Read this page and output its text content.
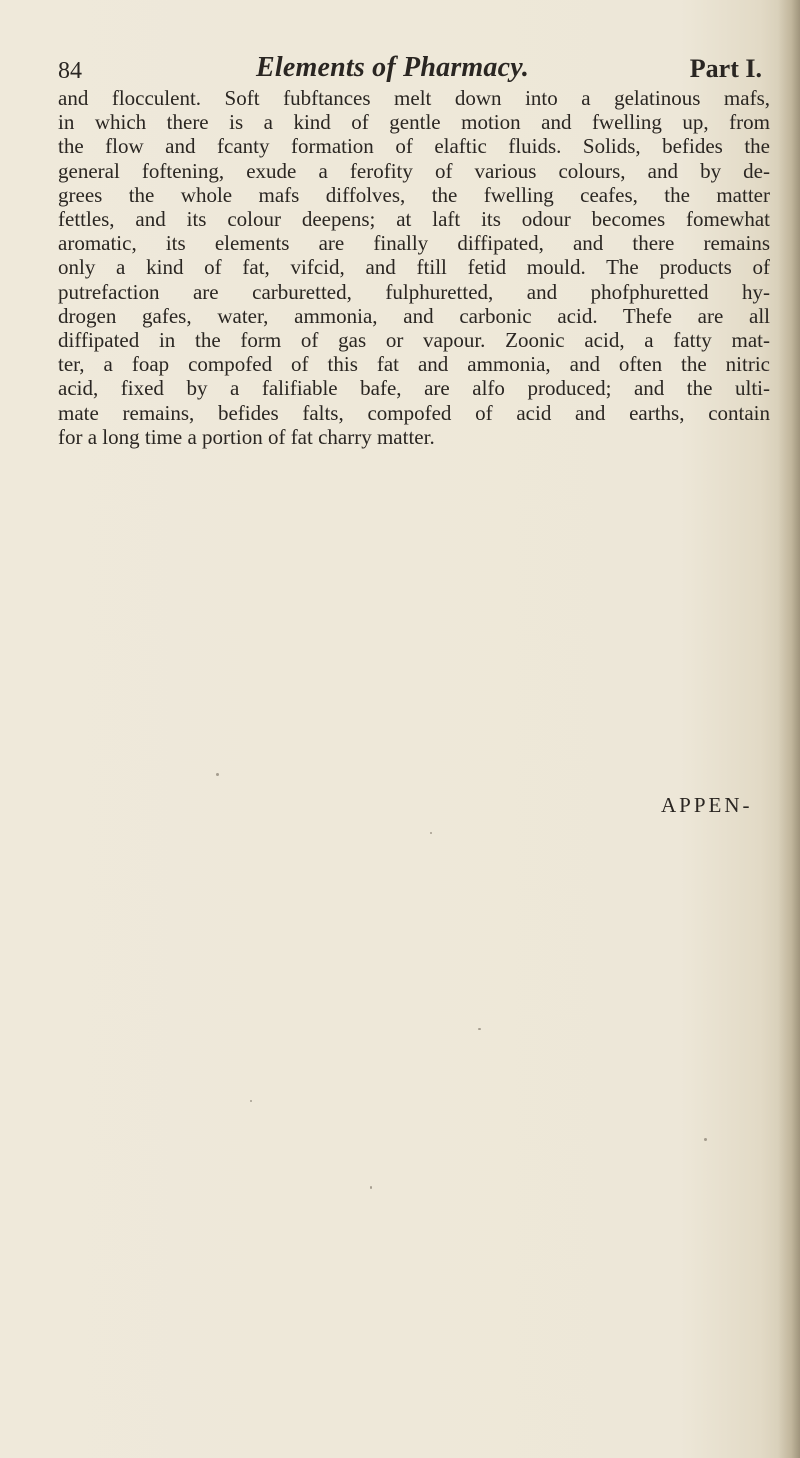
84	Elements of Pharmacy.	Part I.
and flocculent. Soft fubftances melt down into a gelatinous mafs,
in which there is a kind of gentle motion and fwelling up, from
the flow and fcanty formation of elaftic fluids. Solids, befides the
general foftening, exude a ferofity of various colours, and by de-
grees the whole mafs diffolves, the fwelling ceafes, the matter
fettles, and its colour deepens; at laft its odour becomes fomewhat
aromatic, its elements are finally diffipated, and there remains
only a kind of fat, vifcid, and ftill fetid mould. The products of
putrefaction are carburetted, fulphuretted, and phofphuretted hy-
drogen gafes, water, ammonia, and carbonic acid. Thefe are all
diffipated in the form of gas or vapour. Zoonic acid, a fatty mat-
ter, a foap compofed of this fat and ammonia, and often the nitric
acid, fixed by a falifiable bafe, are alfo produced; and the ulti-
mate remains, befides falts, compofed of acid and earths, contain
for a long time a portion of fat charry matter.
APPEN-
